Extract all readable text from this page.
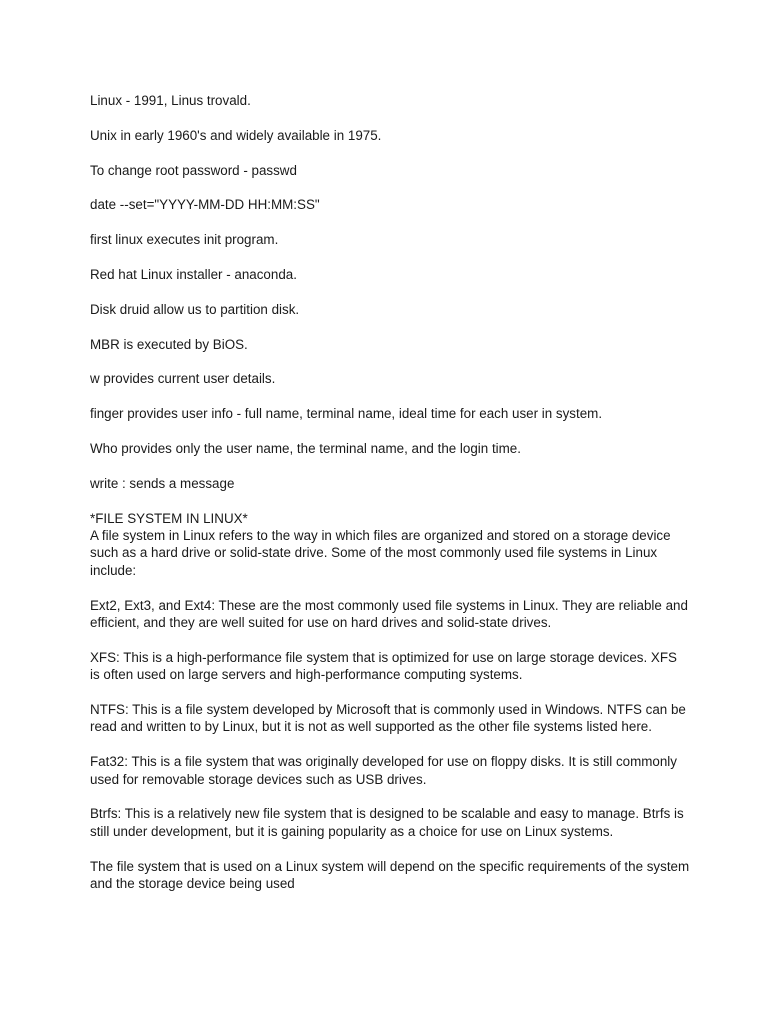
Linux - 1991, Linus trovald.

Unix in early 1960's and widely available in 1975.

To change root password - passwd

date --set="YYYY-MM-DD HH:MM:SS"

first linux executes init program.

Red hat Linux installer - anaconda.

Disk druid allow us to partition disk.

MBR is executed by BiOS.

w provides current user details.

finger provides user info - full name, terminal name, ideal time for each user in system.

Who provides only the user name, the terminal name, and the login time.

write : sends a message

*FILE SYSTEM IN LINUX*

A file system in Linux refers to the way in which files are organized and stored on a storage device such as a hard drive or solid-state drive. Some of the most commonly used file systems in Linux include:

Ext2, Ext3, and Ext4: These are the most commonly used file systems in Linux. They are reliable and efficient, and they are well suited for use on hard drives and solid-state drives.

XFS: This is a high-performance file system that is optimized for use on large storage devices. XFS is often used on large servers and high-performance computing systems.

NTFS: This is a file system developed by Microsoft that is commonly used in Windows. NTFS can be read and written to by Linux, but it is not as well supported as the other file systems listed here.

Fat32: This is a file system that was originally developed for use on floppy disks. It is still commonly used for removable storage devices such as USB drives.

Btrfs: This is a relatively new file system that is designed to be scalable and easy to manage. Btrfs is still under development, but it is gaining popularity as a choice for use on Linux systems.

The file system that is used on a Linux system will depend on the specific requirements of the system and the storage device being used
